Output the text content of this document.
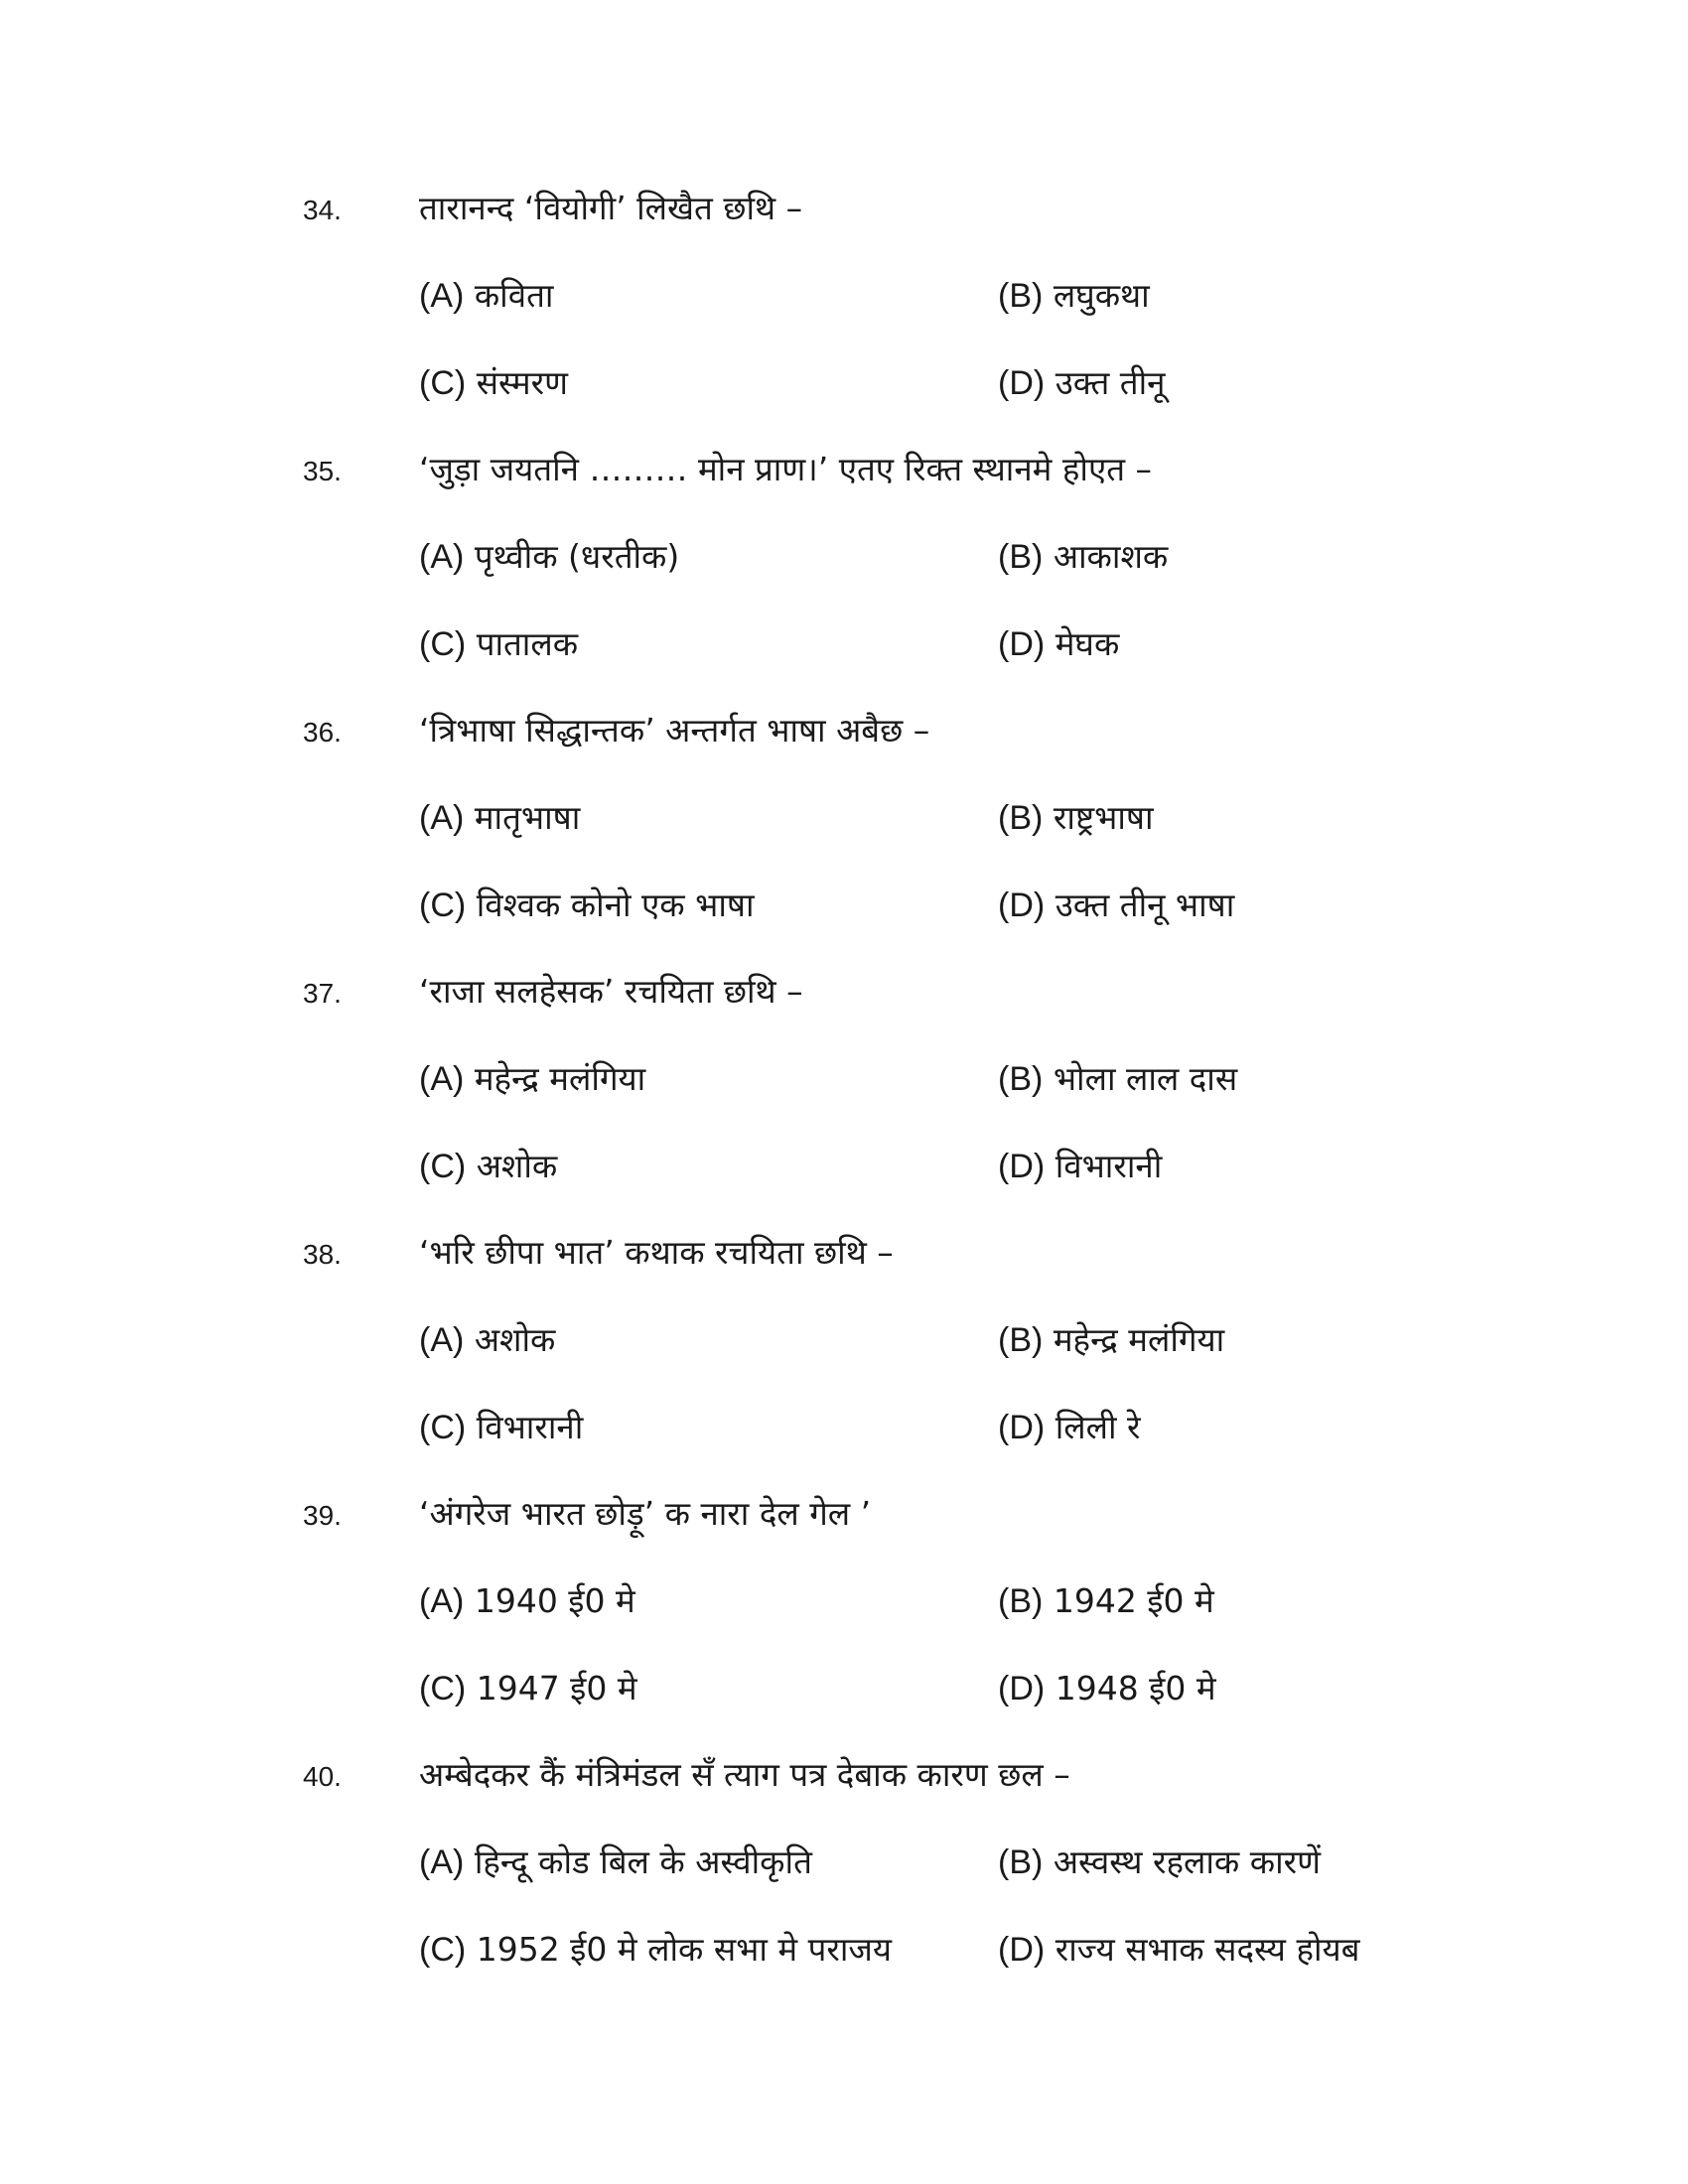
34. तारानन्द ‘वियोगी’ लिखैत छथि –
(A) कविता	(B) लघुकथा
(C) संस्मरण	(D) उक्त तीनू
35. ‘जुड़ा जयतनि ……… मोन प्राण।’ एतए रिक्त स्थानमे होएत –
(A) पृथ्वीक (धरतीक)	(B) आकाशक
(C) पातालक	(D) मेघक
36. ‘त्रिभाषा सिद्धान्तक’ अन्तर्गत भाषा अबैछ –
(A) मातृभाषा	(B) राष्ट्रभाषा
(C) विश्वक कोनो एक भाषा	(D) उक्त तीनू भाषा
37. ‘राजा सलहेसक’ रचयिता छथि –
(A) महेन्द्र मलंगिया	(B) भोला लाल दास
(C) अशोक	(D) विभारानी
38. ‘भरि छीपा भात’ कथाक रचयिता छथि –
(A) अशोक	(B) महेन्द्र मलंगिया
(C) विभारानी	(D) लिली रे
39. ‘अंगरेज भारत छोड़ू’ क नारा देल गेल ’
(A) 1940 ई0 मे	(B) 1942 ई0 मे
(C) 1947 ई0 मे	(D) 1948 ई0 मे
40. अम्बेदकर कैं मंत्रिमंडल सँ त्याग पत्र देबाक कारण छल –
(A) हिन्दू कोड बिल के अस्वीकृति	(B) अस्वस्थ रहलाक कारणें
(C) 1952 ई0 मे लोक सभा मे पराजय	(D) राज्य सभाक सदस्य होयब
